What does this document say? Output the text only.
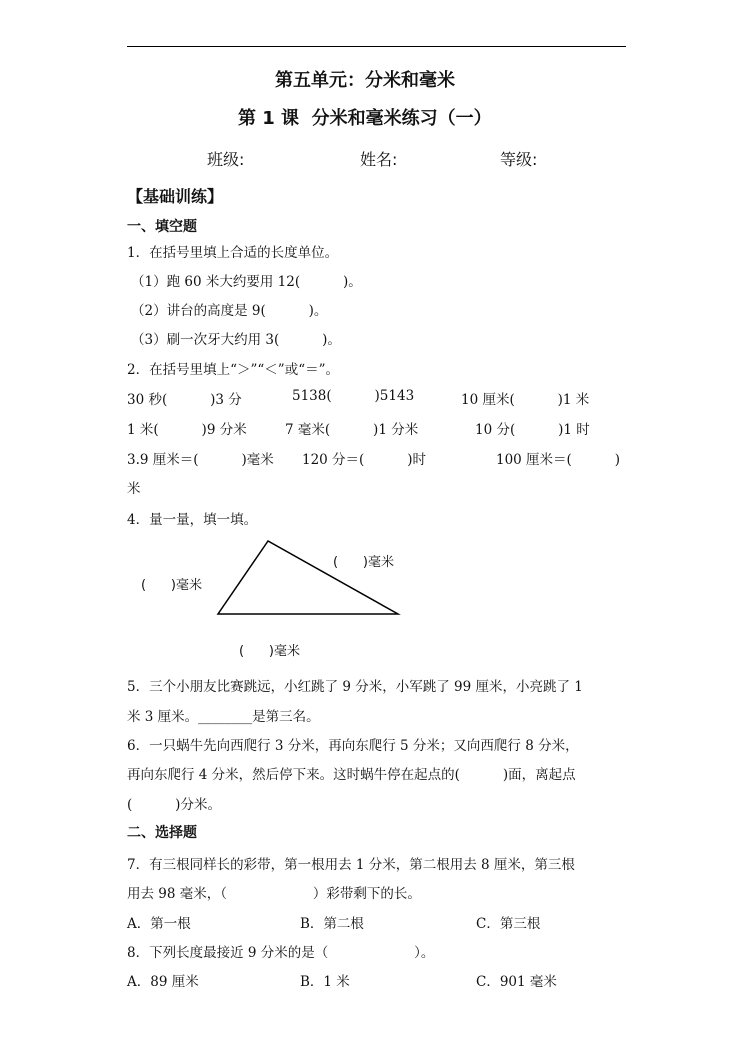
第五单元：分米和毫米
第 1 课  分米和毫米练习（一）
班级:	姓名:	等级:
【基础训练】
一、填空题
1．在括号里填上合适的长度单位。
（1）跑 60 米大约要用 12(          )。
（2）讲台的高度是 9(          )。
（3）刷一次牙大约用 3(          )。
2．在括号里填上“＞”“＜”或“＝”。
30 秒(          )3 分	5138(          )5143	10 厘米(          )1 米
1 米(          )9 分米	7 毫米(          )1 分米	10 分(          )1 时
3.9 厘米＝(          )毫米 120 分＝(          )时	100 厘米＝(          )
米
4．量一量，填一填。
(      )毫米
(      )毫米
(      )毫米
5．三个小朋友比赛跳远，小红跳了 9 分米，小军跳了 99 厘米，小亮跳了 1
米 3 厘米。________是第三名。
6．一只蜗牛先向西爬行 3 分米，再向东爬行 5 分米；又向西爬行 8 分米，
再向东爬行 4 分米，然后停下来。这时蜗牛停在起点的(          )面，离起点
(          )分米。
二、选择题
7．有三根同样长的彩带，第一根用去 1 分米，第二根用去 8 厘米，第三根
用去 98 毫米，（                    ）彩带剩下的长。
A．第一根	B．第二根	C．第三根
8．下列长度最接近 9 分米的是（                    ）。
A．89 厘米	B．1 米	C．901 毫米
